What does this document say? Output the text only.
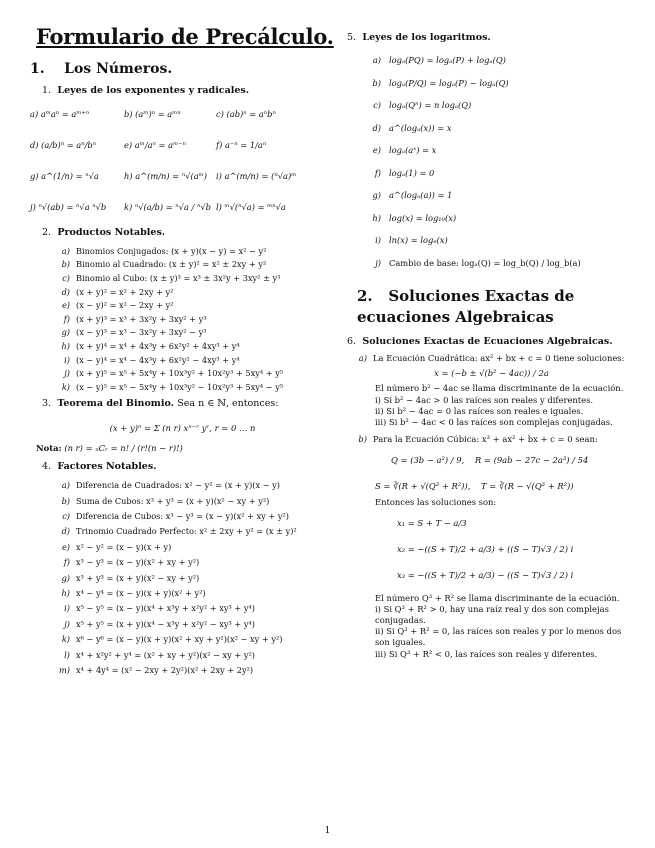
Formulario de Precálculo.
1. Los Números.
1. Leyes de los exponentes y radicales.
a) aᵐaⁿ = aᵐ⁺ⁿ	b) (aᵐ)ⁿ = aᵐⁿ	c) (ab)ⁿ = aⁿbⁿ
d) (a/b)ⁿ = aⁿ/bⁿ	e) aᵐ/aⁿ = aᵐ⁻ⁿ	f) a⁻ⁿ = 1/aⁿ
g) a^(1/n) = ⁿ√a	h) a^(m/n) = ⁿ√(aᵐ)	i) a^(m/n) = (ⁿ√a)ᵐ
j) ⁿ√(ab) = ⁿ√a ⁿ√b	k) ⁿ√(a/b) = ⁿ√a / ⁿ√b l) ᵐ√(ⁿ√a) = ᵐⁿ√a
2. Productos Notables.
a) Binomios Conjugados: (x + y)(x − y) = x² − y²
b) Binomio al Cuadrado: (x ± y)² = x² ± 2xy + y²
c) Binomio al Cubo: (x ± y)³ = x³ ± 3x²y + 3xy² ± y³
d) (x + y)² = x² + 2xy + y²
e) (x − y)² = x² − 2xy + y²
f) (x + y)³ = x³ + 3x²y + 3xy² + y³
g) (x − y)³ = x³ − 3x²y + 3xy² − y³
h) (x + y)⁴ = x⁴ + 4x³y + 6x²y² + 4xy³ + y⁴
i) (x − y)⁴ = x⁴ − 4x³y + 6x²y² − 4xy³ + y⁴
j) (x + y)⁵ = x⁵ + 5x⁴y + 10x³y² + 10x²y³ + 5xy⁴ + y⁵
k) (x − y)⁵ = x⁵ − 5x⁴y + 10x³y² − 10x²y³ + 5xy⁴ − y⁵
3. Teorema del Binomio. Sea n ∈ ℕ, entonces:
(x + y)ⁿ = Σ (n r) xⁿ⁻ʳ yʳ, r = 0 … n
Nota: (n r) = ₙCᵣ = n! / (r!(n − r)!)
4. Factores Notables.
a) Diferencia de Cuadrados: x² − y² = (x + y)(x − y)
b) Suma de Cubos: x³ + y³ = (x + y)(x² − xy + y²)
c) Diferencia de Cubos: x³ − y³ = (x − y)(x² + xy + y²)
d) Trinomio Cuadrado Perfecto: x² ± 2xy + y² = (x ± y)²
e) x² − y² = (x − y)(x + y)
f) x³ − y³ = (x − y)(x² + xy + y²)
g) x³ + y³ = (x + y)(x² − xy + y²)
h) x⁴ − y⁴ = (x − y)(x + y)(x² + y²)
i) x⁵ − y⁵ = (x − y)(x⁴ + x³y + x²y² + xy³ + y⁴)
j) x⁵ + y⁵ = (x + y)(x⁴ − x³y + x²y² − xy³ + y⁴)
k) x⁶ − y⁶ = (x − y)(x + y)(x² + xy + y²)(x² − xy + y²)
l) x⁴ + x²y² + y⁴ = (x² + xy + y²)(x² − xy + y²)
m) x⁴ + 4y⁴ = (x² − 2xy + 2y²)(x² + 2xy + 2y²)
5. Leyes de los logaritmos.
a) logₐ(PQ) = logₐ(P) + logₐ(Q)
b) logₐ(P/Q) = logₐ(P) − logₐ(Q)
c) logₐ(Qⁿ) = n logₐ(Q)
d) a^(logₐ(x)) = x
e) logₐ(aˣ) = x
f) logₐ(1) = 0
g) a^(logₐ(a)) = 1
h) log(x) = log₁₀(x)
i) ln(x) = logₑ(x)
j) Cambio de base: logₐ(Q) = log_b(Q) / log_b(a)
2. Soluciones Exactas de ecuaciones Algebraicas
6. Soluciones Exactas de Ecuaciones Algebraicas.
a) La Ecuación Cuadrática: ax² + bx + c = 0 tiene soluciones:
x = (−b ± √(b² − 4ac)) / 2a
El número b² − 4ac se llama discriminante de la ecuación.
i) Si b² − 4ac > 0 las raíces son reales y diferentes.
ii) Si b² − 4ac = 0 las raíces son reales e iguales.
iii) Si b² − 4ac < 0 las raíces son complejas conjugadas.
b) Para la Ecuación Cúbica: x³ + ax² + bx + c = 0 sean:
Q = (3b − a²) / 9,
R = (9ab − 27c − 2a³) / 54
S = ∛(R + √(Q³ + R²)),
T = ∛(R − √(Q³ + R²))
Entonces las soluciones son:
x₁ = S + T − a/3
x₂ = −((S + T)/2 + a/3) + ((S − T)√3 / 2) i
x₃ = −((S + T)/2 + a/3) − ((S − T)√3 / 2) i
El número Q³ + R² se llama discriminante de la ecuación.
i) Si Q³ + R² > 0, hay una raíz real y dos son complejas conjugadas.
ii) Si Q³ + R² = 0, las raíces son reales y por lo menos dos son iguales.
iii) Si Q³ + R² < 0, las raíces son reales y diferentes.
1
